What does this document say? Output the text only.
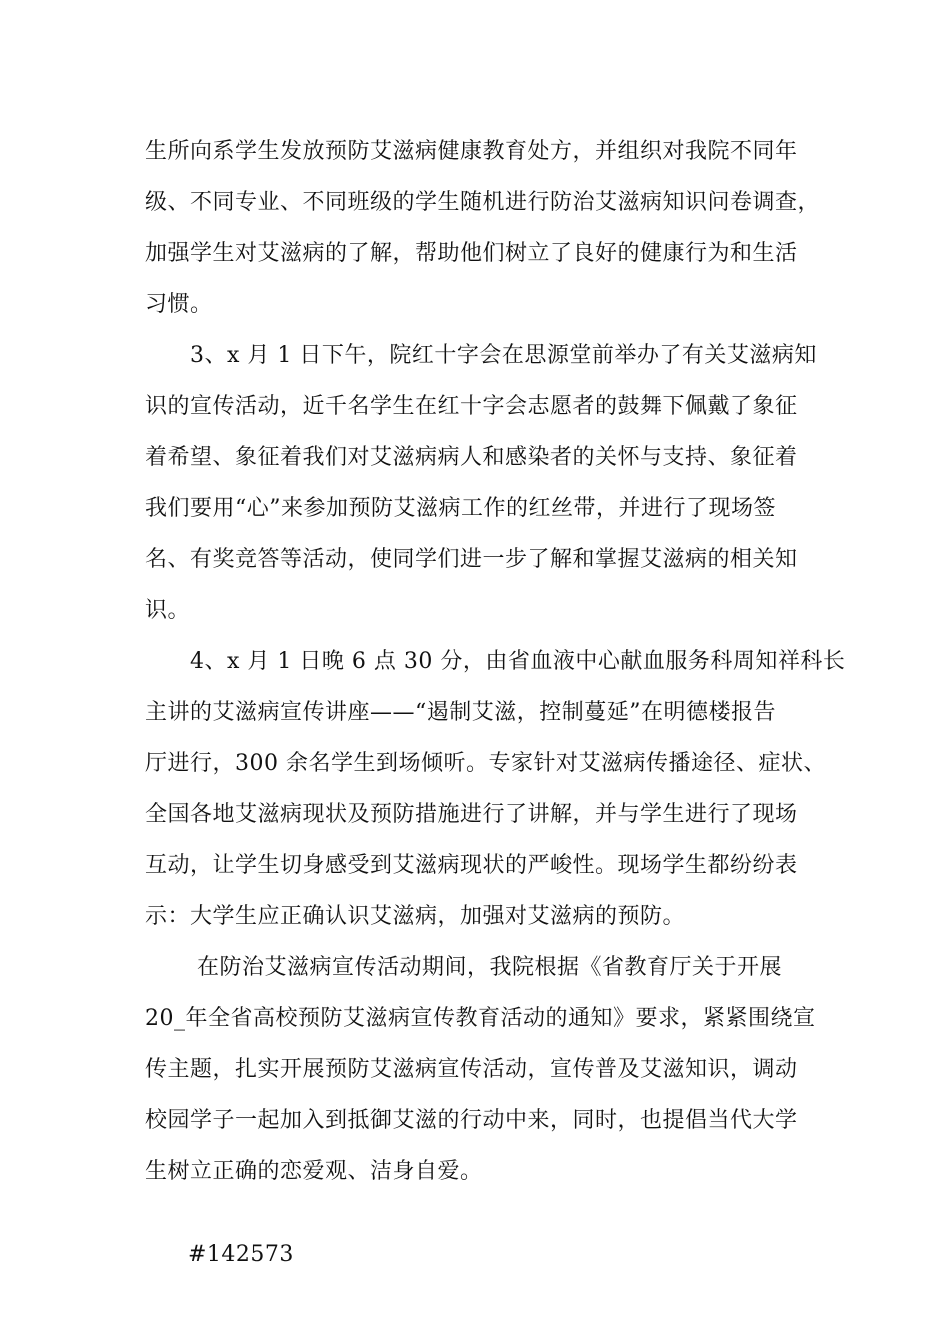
生所向系学生发放预防艾滋病健康教育处方，并组织对我院不同年
级、不同专业、不同班级的学生随机进行防治艾滋病知识问卷调查，
加强学生对艾滋病的了解，帮助他们树立了良好的健康行为和生活
习惯。
3、x 月 1 日下午，院红十字会在思源堂前举办了有关艾滋病知
识的宣传活动，近千名学生在红十字会志愿者的鼓舞下佩戴了象征
着希望、象征着我们对艾滋病病人和感染者的关怀与支持、象征着
我们要用“心”来参加预防艾滋病工作的红丝带，并进行了现场签
名、有奖竞答等活动，使同学们进一步了解和掌握艾滋病的相关知
识。
4、x 月 1 日晚 6 点 30 分，由省血液中心献血服务科周知祥科长
主讲的艾滋病宣传讲座——“遏制艾滋，控制蔓延”在明德楼报告
厅进行，300 余名学生到场倾听。专家针对艾滋病传播途径、症状、
全国各地艾滋病现状及预防措施进行了讲解，并与学生进行了现场
互动，让学生切身感受到艾滋病现状的严峻性。现场学生都纷纷表
示：大学生应正确认识艾滋病，加强对艾滋病的预防。
在防治艾滋病宣传活动期间，我院根据《省教育厅关于开展
20_年全省高校预防艾滋病宣传教育活动的通知》要求，紧紧围绕宣
传主题，扎实开展预防艾滋病宣传活动，宣传普及艾滋知识，调动
校园学子一起加入到抵御艾滋的行动中来，同时，也提倡当代大学
生树立正确的恋爱观、洁身自爱。
#142573
